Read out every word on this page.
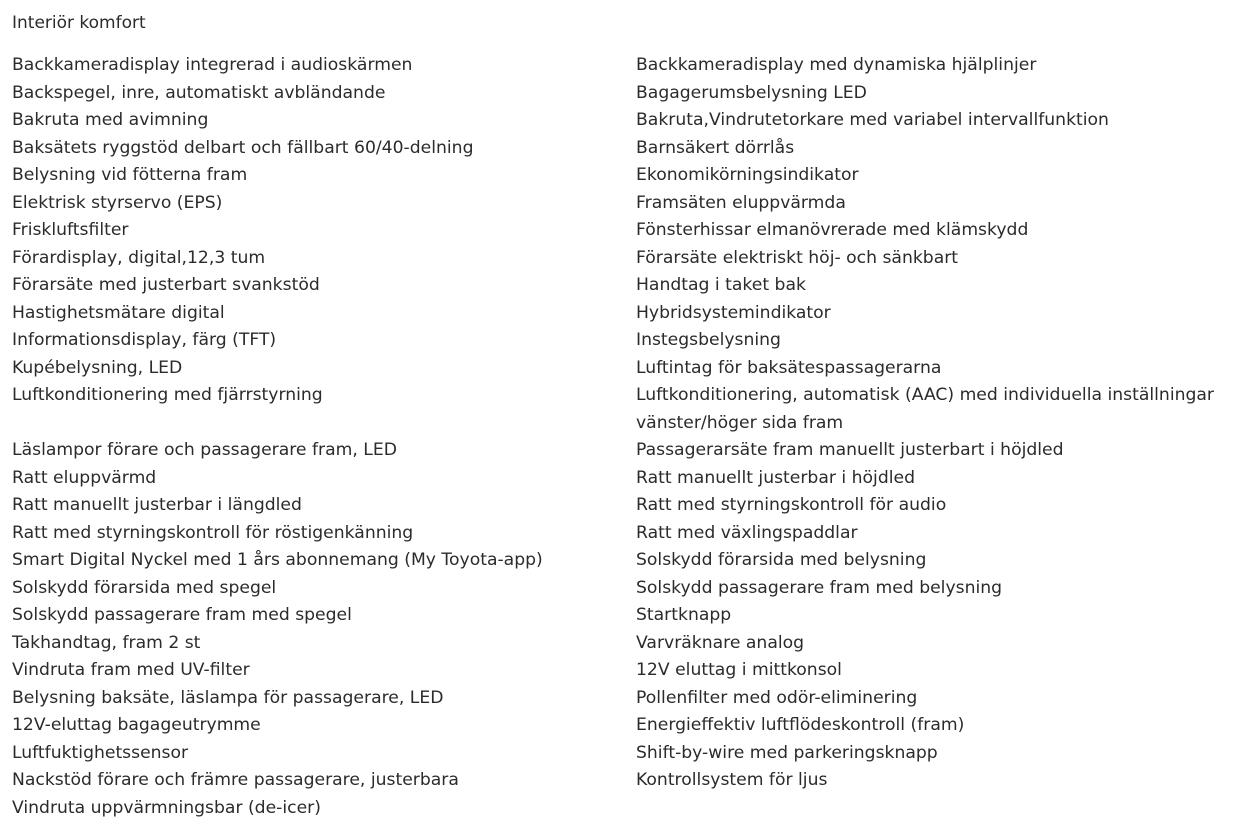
Interiör komfort
Backkameradisplay integrerad i audioskärmen	Backkameradisplay med dynamiska hjälplinjer
Backspegel, inre, automatiskt avbländande	Bagagerumsbelysning LED
Bakruta med avimning	Bakruta,Vindrutetorkare med variabel intervallfunktion
Baksätets ryggstöd delbart och fällbart 60/40-delning	Barnsäkert dörrlås
Belysning vid fötterna fram	Ekonomikörningsindikator
Elektrisk styrservo (EPS)	Framsäten eluppvärmda
Friskluftsfilter	Fönsterhissar elmanövrerade med klämskydd
Förardisplay, digital,12,3 tum	Förarsäte elektriskt höj- och sänkbart
Förarsäte med justerbart svankstöd	Handtag i taket bak
Hastighetsmätare digital	Hybridsystemindikator
Informationsdisplay, färg (TFT)	Instegsbelysning
Kupébelysning, LED	Luftintag för baksätespassagerarna
Luftkonditionering med fjärrstyrning	Luftkonditionering, automatisk (AAC) med individuella inställningar vänster/höger sida fram
Läslampor förare och passagerare fram, LED	Passagerarsäte fram manuellt justerbart i höjdled
Ratt eluppvärmd	Ratt manuellt justerbar i höjdled
Ratt manuellt justerbar i längdled	Ratt med styrningskontroll för audio
Ratt med styrningskontroll för röstigenkänning	Ratt med växlingspaddlar
Smart Digital Nyckel med 1 års abonnemang (My Toyota-app)	Solskydd förarsida med belysning
Solskydd förarsida med spegel	Solskydd passagerare fram med belysning
Solskydd passagerare fram med spegel	Startknapp
Takhandtag, fram 2 st	Varvräknare analog
Vindruta fram med UV-filter	12V eluttag i mittkonsol
Belysning baksäte, läslampa för passagerare, LED	Pollenfilter med odör-eliminering
12V-eluttag bagageutrymme	Energieffektiv luftflödeskontroll (fram)
Luftfuktighetssensor	Shift-by-wire med parkeringsknapp
Nackstöd förare och främre passagerare, justerbara	Kontrollsystem för ljus
Vindruta uppvärmningsbar (de-icer)
